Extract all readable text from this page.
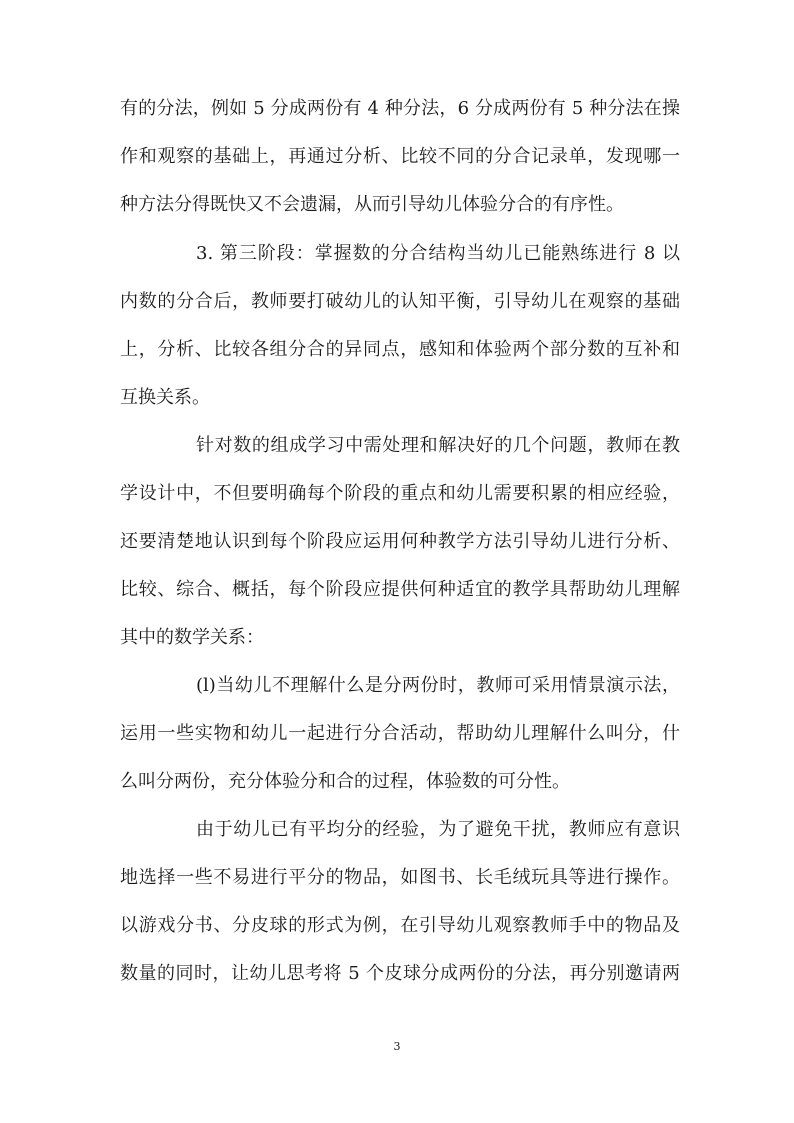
有的分法，例如 5 分成两份有 4 种分法，6 分成两份有 5 种分法在操
作和观察的基础上，再通过分析、比较不同的分合记录单，发现哪一
种方法分得既快又不会遗漏，从而引导幼儿体验分合的有序性。
3. 第三阶段：掌握数的分合结构当幼儿已能熟练进行 8 以
内数的分合后，教师要打破幼儿的认知平衡，引导幼儿在观察的基础
上，分析、比较各组分合的异同点，感知和体验两个部分数的互补和
互换关系。
针对数的组成学习中需处理和解决好的几个问题，教师在教
学设计中，不但要明确每个阶段的重点和幼儿需要积累的相应经验，
还要清楚地认识到每个阶段应运用何种教学方法引导幼儿进行分析、
比较、综合、概括，每个阶段应提供何种适宜的教学具帮助幼儿理解
其中的数学关系：
(l)当幼儿不理解什么是分两份时，教师可采用情景演示法，
运用一些实物和幼儿一起进行分合活动，帮助幼儿理解什么叫分，什
么叫分两份，充分体验分和合的过程，体验数的可分性。
由于幼儿已有平均分的经验，为了避免干扰，教师应有意识
地选择一些不易进行平分的物品，如图书、长毛绒玩具等进行操作。
以游戏分书、分皮球的形式为例，在引导幼儿观察教师手中的物品及
数量的同时，让幼儿思考将 5 个皮球分成两份的分法，再分别邀请两
3
